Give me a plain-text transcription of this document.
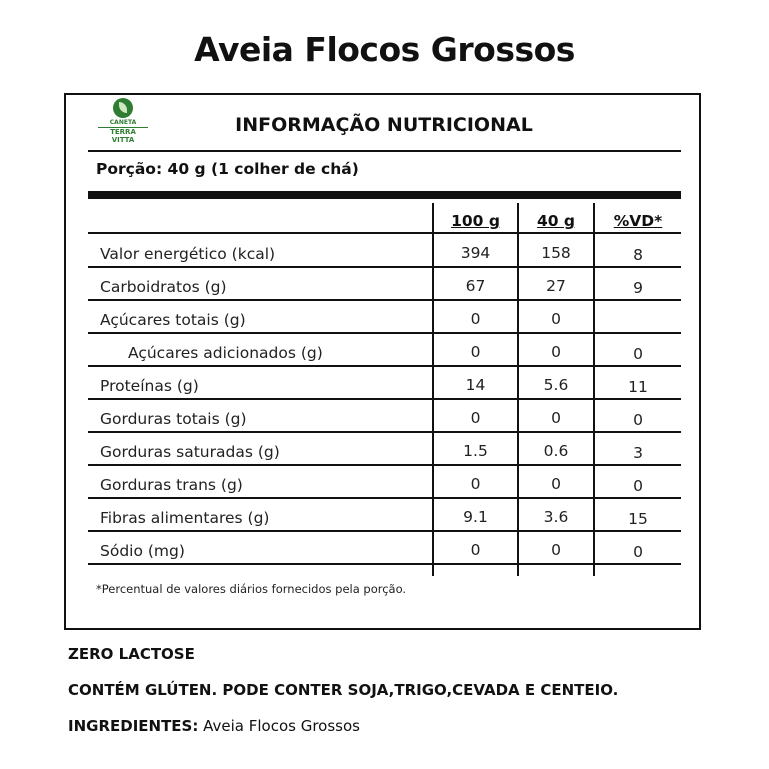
Aveia Flocos Grossos
CANETA
TERRA VITTA
INFORMAÇÃO NUTRICIONAL
Porção: 40 g (1 colher de chá)
100 g	40 g	%VD*
Valor energético (kcal)	394	158	8
Carboidratos (g)	67	27	9
Açúcares totais (g)	0	0
Açúcares adicionados (g)	0	0	0
Proteínas (g)	14	5.6	11
Gorduras totais (g)	0	0	0
Gorduras saturadas (g)	1.5	0.6	3
Gorduras trans (g)	0	0	0
Fibras alimentares (g)	9.1	3.6	15
Sódio (mg)	0	0	0
*Percentual de valores diários fornecidos pela porção.
ZERO LACTOSE
CONTÉM GLÚTEN. PODE CONTER SOJA,TRIGO,CEVADA E CENTEIO.
INGREDIENTES: Aveia Flocos Grossos
